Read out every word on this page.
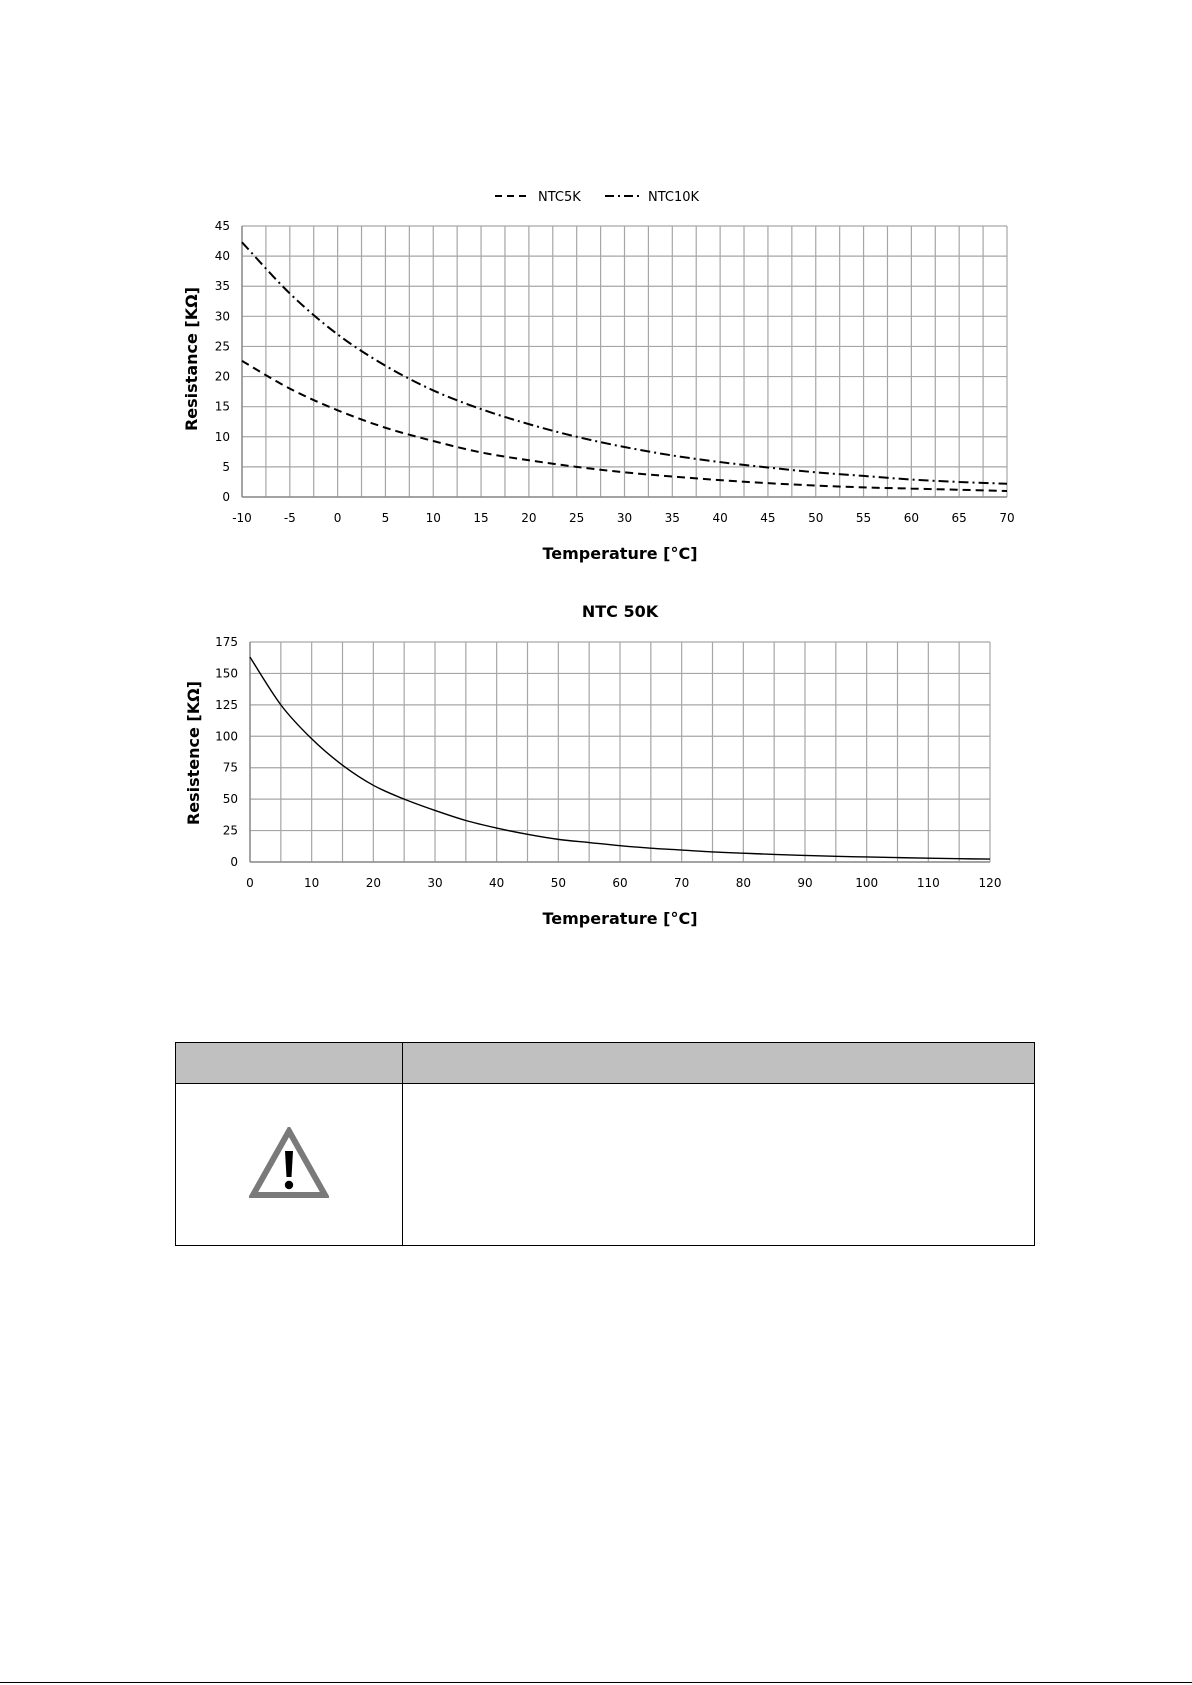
0
5
10
15
20
25
30
35
40
45
-10	-5	0	5	10	15	20	25	30	35	40	45	50	55	60	65	70
NTC5K	NTC10K
Temperature [°C]
Resistance [KΩ]
NTC 50K
0
25
50
75
100
125
150
175
0	10	20	30	40	50	60	70	80	90	100	110	120
Temperature [°C]
Resistence [KΩ]
